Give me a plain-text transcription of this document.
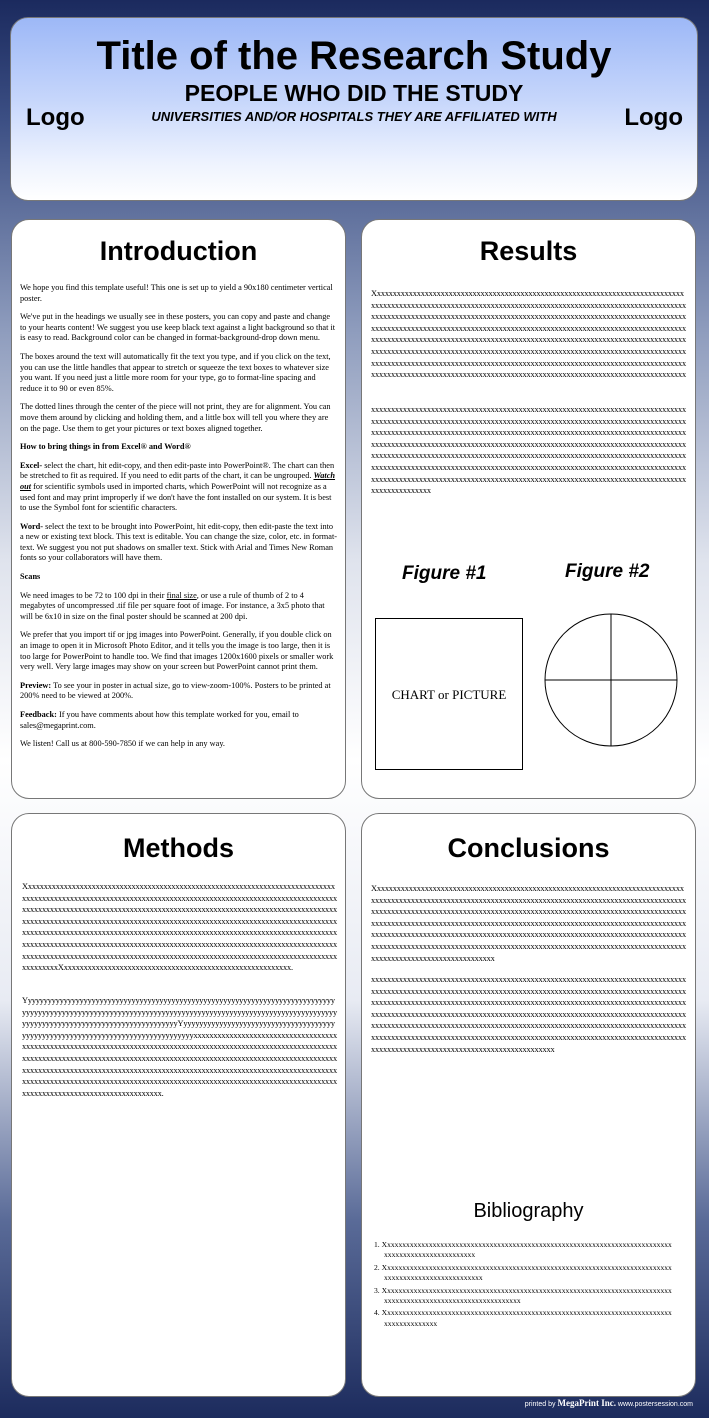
Title of the Research Study
PEOPLE WHO DID THE STUDY
UNIVERSITIES AND/OR HOSPITALS THEY ARE AFFILIATED WITH
Logo	Logo
Introduction

We hope you find this template useful! This one is set up to yield a 90x180 centimeter vertical poster.

We've put in the headings we usually see in these posters, you can copy and paste and change to your hearts content! We suggest you use keep black text against a light background so that it is easy to read. Background color can be changed in format-background-drop down menu.

The boxes around the text will automatically fit the text you type, and if you click on the text, you can use the little handles that appear to stretch or squeeze the text boxes to whatever size you want. If you need just a little more room for your type, go to format-line spacing and reduce it to 90 or even 85%.

The dotted lines through the center of the piece will not print, they are for alignment. You can move them around by clicking and holding them, and a little box will tell you where they are on the page. Use them to get your pictures or text boxes aligned together.

How to bring things in from Excel® and Word®

Excel- select the chart, hit edit-copy, and then edit-paste into PowerPoint®. The chart can then be stretched to fit as required. If you need to edit parts of the chart, it can be ungrouped. Watch out for scientific symbols used in imported charts, which PowerPoint will not recognize as a used font and may print improperly if we don't have the font installed on our system. It is best to use the Symbol font for scientific characters.

Word- select the text to be brought into PowerPoint, hit edit-copy, then edit-paste the text into a new or existing text block. This text is editable. You can change the size, color, etc. in format-text. We suggest you not put shadows on smaller text. Stick with Arial and Times New Roman fonts so your collaborators will have them.

Scans

We need images to be 72 to 100 dpi in their final size, or use a rule of thumb of 2 to 4 megabytes of uncompressed .tif file per square foot of image. For instance, a 3x5 photo that will be 6x10 in size on the final poster should be scanned at 200 dpi.

We prefer that you import tif or jpg images into PowerPoint. Generally, if you double click on an image to open it in Microsoft Photo Editor, and it tells you the image is too large, then it is too large for PowerPoint to handle too. We find that images 1200x1600 pixels or smaller work very well. Very large images may show on your screen but PowerPoint cannot print them.

Preview: To see your in poster in actual size, go to view-zoom-100%. Posters to be printed at 200% need to be viewed at 200%.

Feedback: If you have comments about how this template worked for you, email to sales@megaprint.com.

We listen! Call us at 800-590-7850 if we can help in any way.

Results
Xxxxxxxxxxxxxxxxxxxxxxxxxxxxxxxxxxxxxxxxxxxxxxxxxxxxxxxxxxxxxxxxxxxxxxxxxxxxxxxxxxxxxxxxxxxxxxxxxxxxxxxxxxxxxxxxxxxxxxxxxxxxxxxxxxxxxxxxxxxxxxxxxxxxxxxxxxxxxxxxxxxxxxxxxxxxxxxxxxxxxxxxxxxxxxxxxxxxxxxxxxxxxxxxxxxxxxxxxxxxxxxxxxxxxxxxxxxxxxxxxxxxxxxxxxxxxxxxxxxxxxxxxxxxxxxxxxxxxxxxxxxxxxxxxxxxxxxxxxxxxxxxxxxxxxxxxxxxxxxxxxxxxxxxxxxxxxxxxxxxxxxxxxxxxxxxxxxxxxxxxxxxxxxxxxxxxxxxxxxxxxxxxxxxxxxxxxxxxxxxxxxxxxxxxxxxxxxxxxxxxxxxxxxxxxxxxxxxxxxxxxxxxxxxxxxxxxxxxxxxxxxxxxxxxxxxxxxxxxxxxxxxxxxxxxxxxxxxxxxxxxxxxxxxxxxxxxxxxxxxxxxxxxxxxxxxxxxxxxxxxxxxxxxxxxxxxxxxxxxxxxxxxxxxxxxxxxxxxxxxxxxxxxxxxxxxxxxxxxxxxxxxxxxxxxxxxxxxxxxxxxxxxxxxxxx
xxxxxxxxxxxxxxxxxxxxxxxxxxxxxxxxxxxxxxxxxxxxxxxxxxxxxxxxxxxxxxxxxxxxxxxxxxxxxxxxxxxxxxxxxxxxxxxxxxxxxxxxxxxxxxxxxxxxxxxxxxxxxxxxxxxxxxxxxxxxxxxxxxxxxxxxxxxxxxxxxxxxxxxxxxxxxxxxxxxxxxxxxxxxxxxxxxxxxxxxxxxxxxxxxxxxxxxxxxxxxxxxxxxxxxxxxxxxxxxxxxxxxxxxxxxxxxxxxxxxxxxxxxxxxxxxxxxxxxxxxxxxxxxxxxxxxxxxxxxxxxxxxxxxxxxxxxxxxxxxxxxxxxxxxxxxxxxxxxxxxxxxxxxxxxxxxxxxxxxxxxxxxxxxxxxxxxxxxxxxxxxxxxxxxxxxxxxxxxxxxxxxxxxxxxxxxxxxxxxxxxxxxxxxxxxxxxxxxxxxxxxxxxxxxxxxxxxxxxxxxxxxxxxxxxxxxxxxxxxxxxxxxxxxxxxxxxxxxxxxxxxxxxxxxxxxxxxxxxxxxxxxxxxxxxxxxxxxxxxxxxxxxxxxxxxxxxxxxxxxxxxxxxxx
Figure #1	Figure #2
CHART or PICTURE
Methods
XxxxxxxxxxxxxxxxxxxxxxxxxxxxxxxxxxxxxxxxxxxxxxxxxxxxxxxxxxxxxxxxxxxxxxxxxxxxxxxxxxxxxxxxxxxxxxxxxxxxxxxxxxxxxxxxxxxxxxxxxxxxxxxxxxxxxxxxxxxxxxxxxxxxxxxxxxxxxxxxxxxxxxxxxxxxxxxxxxxxxxxxxxxxxxxxxxxxxxxxxxxxxxxxxxxxxxxxxxxxxxxxxxxxxxxxxxxxxxxxxxxxxxxxxxxxxxxxxxxxxxxxxxxxxxxxxxxxxxxxxxxxxxxxxxxxxxxxxxxxxxxxxxxxxxxxxxxxxxxxxxxxxxxxxxxxxxxxxxxxxxxxxxxxxxxxxxxxxxxxxxxxxxxxxxxxxxxxxxxxxxxxxxxxxxxxxxxxxxxxxxxxxxxxxxxxxxxxxxxxxxxxxxxxxxxxxxxxxxxxxxxxxxxxxxxxxxxxxxxxxxxxxxxxxxxxxxxxxxxxxxxxxxxxxxxxxxxxxxxxxxxxxxxxxxxxxxxxxxxxxxxxxxxxxxxxxxxxxxxxxxxxxxxxxxxxxxxxxxxxxXxxxxxxxxxxxxxxxxxxxxxxxxxxxxxxxxxxxxxxxxxxxxxxxxxxxxxxxxx.
YyyyyyyyyyyyyyyyyyyyyyyyyyyyyyyyyyyyyyyyyyyyyyyyyyyyyyyyyyyyyyyyyyyyyyyyyyyyyyyyyyyyyyyyyyyyyyyyyyyyyyyyyyyyyyyyyyyyyyyyyyyyyyyyyyyyyyyyyyyyyyyyyyyyyyyyyyyyyyyyyyyyyyyyyyyyyyyyyyyyyyyyyyyyyyyyyyyyYyyyyyyyyyyyyyyyyyyyyyyyyyyyyyyyyyyyyyyyyyyyyyyyyyyyyyyyyyyyyyyyyyyyyyyyyyyyyyyyyyxxxxxxxxxxxxxxxxxxxxxxxxxxxxxxxxxxxxxxxxxxxxxxxxxxxxxxxxxxxxxxxxxxxxxxxxxxxxxxxxxxxxxxxxxxxxxxxxxxxxxxxxxxxxxxxxxxxxxxxxxxxxxxxxxxxxxxxxxxxxxxxxxxxxxxxxxxxxxxxxxxxxxxxxxxxxxxxxxxxxxxxxxxxxxxxxxxxxxxxxxxxxxxxxxxxxxxxxxxxxxxxxxxxxxxxxxxxxxxxxxxxxxxxxxxxxxxxxxxxxxxxxxxxxxxxxxxxxxxxxxxxxxxxxxxxxxxxxxxxxxxxxxxxxxxxxxxxxxxxxxxxxxxxxxxxxxxxxxxxxxxxxxxxxxxxxxxxxxxxxxxxxxxxxxxxxxxxxxxxxxxxxxxx.
Conclusions
Xxxxxxxxxxxxxxxxxxxxxxxxxxxxxxxxxxxxxxxxxxxxxxxxxxxxxxxxxxxxxxxxxxxxxxxxxxxxxxxxxxxxxxxxxxxxxxxxxxxxxxxxxxxxxxxxxxxxxxxxxxxxxxxxxxxxxxxxxxxxxxxxxxxxxxxxxxxxxxxxxxxxxxxxxxxxxxxxxxxxxxxxxxxxxxxxxxxxxxxxxxxxxxxxxxxxxxxxxxxxxxxxxxxxxxxxxxxxxxxxxxxxxxxxxxxxxxxxxxxxxxxxxxxxxxxxxxxxxxxxxxxxxxxxxxxxxxxxxxxxxxxxxxxxxxxxxxxxxxxxxxxxxxxxxxxxxxxxxxxxxxxxxxxxxxxxxxxxxxxxxxxxxxxxxxxxxxxxxxxxxxxxxxxxxxxxxxxxxxxxxxxxxxxxxxxxxxxxxxxxxxxxxxxxxxxxxxxxxxxxxxxxxxxxxxxxxxxxxxxxxxxxxxxxxxxxxxxxxxxxxxxxxxxxxxxxxxxxxxxxxxxx
xxxxxxxxxxxxxxxxxxxxxxxxxxxxxxxxxxxxxxxxxxxxxxxxxxxxxxxxxxxxxxxxxxxxxxxxxxxxxxxxxxxxxxxxxxxxxxxxxxxxxxxxxxxxxxxxxxxxxxxxxxxxxxxxxxxxxxxxxxxxxxxxxxxxxxxxxxxxxxxxxxxxxxxxxxxxxxxxxxxxxxxxxxxxxxxxxxxxxxxxxxxxxxxxxxxxxxxxxxxxxxxxxxxxxxxxxxxxxxxxxxxxxxxxxxxxxxxxxxxxxxxxxxxxxxxxxxxxxxxxxxxxxxxxxxxxxxxxxxxxxxxxxxxxxxxxxxxxxxxxxxxxxxxxxxxxxxxxxxxxxxxxxxxxxxxxxxxxxxxxxxxxxxxxxxxxxxxxxxxxxxxxxxxxxxxxxxxxxxxxxxxxxxxxxxxxxxxxxxxxxxxxxxxxxxxxxxxxxxxxxxxxxxxxxxxxxxxxxxxxxxxxxxxxxxxxxxxxxxxxxxxxxxxxxxxxxxxxxxxxxxxxxxxxxxxxxxxxxxxx
Bibliography
1. Xxxxxxxxxxxxxxxxxxxxxxxxxxxxxxxxxxxxxxxxxxxxxxxxxxxxxxxxxxxxxxxxxxxxxxxxxxxxxxxxxxxxxxxxxxxxxxxxxxxx
2. Xxxxxxxxxxxxxxxxxxxxxxxxxxxxxxxxxxxxxxxxxxxxxxxxxxxxxxxxxxxxxxxxxxxxxxxxxxxxxxxxxxxxxxxxxxxxxxxxxxxxxx
3. Xxxxxxxxxxxxxxxxxxxxxxxxxxxxxxxxxxxxxxxxxxxxxxxxxxxxxxxxxxxxxxxxxxxxxxxxxxxxxxxxxxxxxxxxxxxxxxxxxxxxxxxxxxxxxxxx
4. Xxxxxxxxxxxxxxxxxxxxxxxxxxxxxxxxxxxxxxxxxxxxxxxxxxxxxxxxxxxxxxxxxxxxxxxxxxxxxxxxxxxxxxxxxx
printed by MegaPrint Inc. www.postersession.com
